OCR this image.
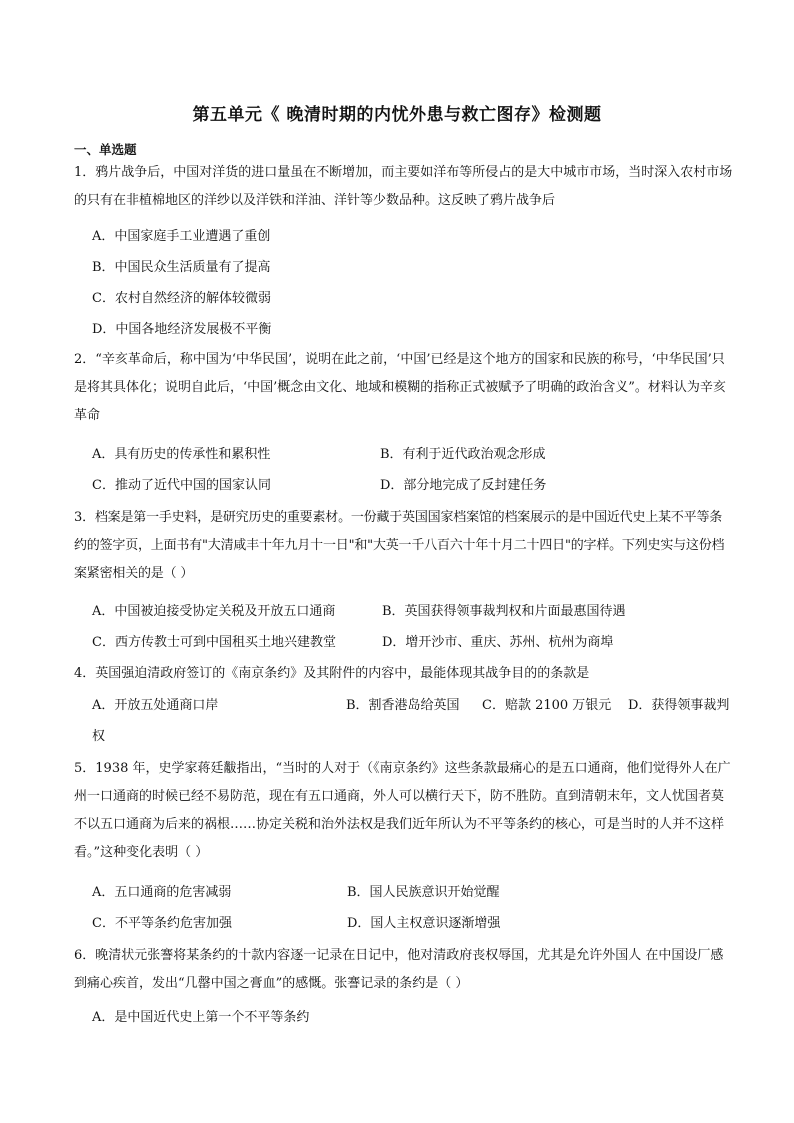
第五单元《 晚清时期的内忧外患与救亡图存》检测题
一、单选题
1．鸦片战争后，中国对洋货的进口量虽在不断增加，而主要如洋布等所侵占的是大中城市市场，当时深入农村市场的只有在非植棉地区的洋纱以及洋铁和洋油、洋针等少数品种。这反映了鸦片战争后
A．中国家庭手工业遭遇了重创
B．中国民众生活质量有了提高
C．农村自然经济的解体较微弱
D．中国各地经济发展极不平衡
2．“辛亥革命后，称中国为‘中华民国’，说明在此之前，‘中国’已经是这个地方的国家和民族的称号，‘中华民国’只是将其具体化；说明自此后，‘中国’概念由文化、地域和模糊的指称正式被赋予了明确的政治含义”。材料认为辛亥革命
A．具有历史的传承性和累积性	B．有利于近代政治观念形成
C．推动了近代中国的国家认同	D．部分地完成了反封建任务
3．档案是第一手史料，是研究历史的重要素材。一份藏于英国国家档案馆的档案展示的是中国近代史上某不平等条约的签字页，上面书有"大清咸丰十年九月十一日"和"大英一千八百六十年十月二十四日"的字样。下列史实与这份档案紧密相关的是（ ）
A．中国被迫接受协定关税及开放五口通商	B．英国获得领事裁判权和片面最惠国待遇
C．西方传教士可到中国租买土地兴建教堂	D．增开沙市、重庆、苏州、杭州为商埠
4．英国强迫清政府签订的《南京条约》及其附件的内容中，最能体现其战争目的的条款是
A．开放五处通商口岸	B．割香港岛给英国 C．赔款 2100 万银元 D．获得领事裁判权
5．1938 年，史学家蒋廷黻指出，“当时的人对于（《南京条约》这些条款最痛心的是五口通商，他们觉得外人在广州一口通商的时候已经不易防范，现在有五口通商，外人可以横行天下，防不胜防。直到清朝末年，文人忧国者莫不以五口通商为后来的祸根……协定关税和治外法权是我们近年所认为不平等条约的核心，可是当时的人并不这样看。”这种变化表明（ ）
A．五口通商的危害减弱	B．国人民族意识开始觉醒
C．不平等条约危害加强	D．国人主权意识逐渐增强
6．晚清状元张謇将某条约的十款内容逐一记录在日记中，他对清政府丧权辱国，尤其是允许外国人 在中国设厂感到痛心疾首，发出“几罄中国之膏血”的感慨。张謇记录的条约是（ ）
A．是中国近代史上第一个不平等条约
